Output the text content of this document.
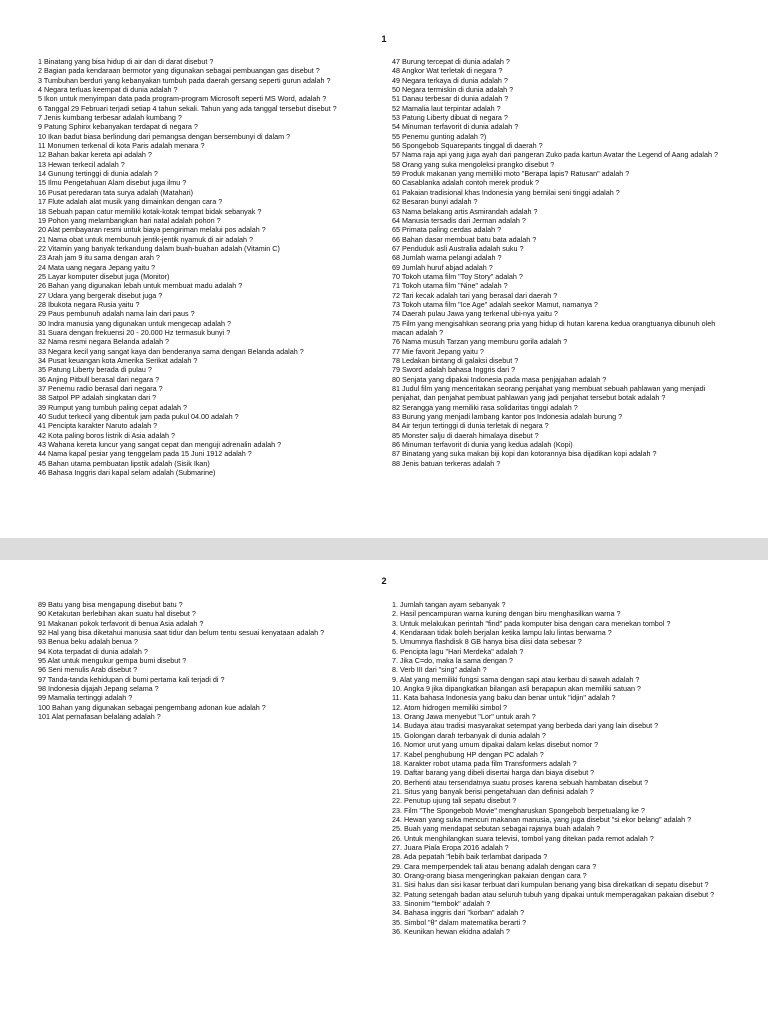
1

1 Binatang yang bisa hidup di air dan di darat disebut ?

2 Bagian pada kendaraan bermotor yang digunakan sebagai pembuangan gas disebut ?

3 Tumbuhan berduri yang kebanyakan tumbuh pada daerah gersang seperti gurun adalah ?

4 Negara terluas keempat di dunia adalah ?

5 Ikon untuk menyimpan data pada program-program Microsoft seperti MS Word, adalah ?

6 Tanggal 29 Februari terjadi setiap 4 tahun sekali. Tahun yang ada tanggal tersebut disebut ?

7 Jenis kumbang terbesar adalah kumbang ?

9 Patung Sphinx kebanyakan terdapat di negara ?

10 Ikan badut biasa berlindung dari pemangsa dengan bersembunyi di dalam ?

11 Monumen terkenal di kota Paris adalah menara ?

12 Bahan bakar kereta api adalah ?

13 Hewan terkecil adalah ?

14 Gunung tertinggi di dunia adalah ?

15 Ilmu Pengetahuan Alam disebut juga ilmu ?

16 Pusat peredaran tata surya adalah (Matahari)

17 Flute adalah alat musik yang dimainkan dengan cara ?

18 Sebuah papan catur memiliki kotak-kotak tempat bidak sebanyak ?

19 Pohon yang melambangkan hari natal adalah pohon ?

20 Alat pembayaran resmi untuk biaya pengiriman melalui pos adalah ?

21 Nama obat untuk membunuh jentik-jentik nyamuk di air adalah ?

22 Vitamin yang banyak terkandung dalam buah-buahan adalah (Vitamin C)

23 Arah jam 9 itu sama dengan arah ?

24 Mata uang negara Jepang yaitu ?

25 Layar komputer disebut juga (Monitor)

26 Bahan yang digunakan lebah untuk membuat madu adalah ?

27 Udara yang bergerak disebut juga ?

28 Ibukota negara Rusia yaitu ?

29 Paus pembunuh adalah nama lain dari paus ?

30 Indra manusia yang digunakan untuk mengecap adalah ?

31 Suara dengan frekuensi 20 - 20.000 Hz termasuk bunyi ?

32 Nama resmi negara Belanda adalah ?

33 Negara kecil yang sangat kaya dan benderanya sama dengan Belanda adalah ?

34 Pusat keuangan kota Amerika Serikat adalah ?

35 Patung Liberty berada di pulau ?

36 Anjing Pitbull berasal dari negara ?

37 Penemu radio berasal dari negara ?

38 Satpol PP adalah singkatan dari ?

39 Rumput yang tumbuh paling cepat adalah ?

40 Sudut terkecil yang dibentuk jam pada pukul 04.00 adalah ?

41 Pencipta karakter Naruto adalah ?

42 Kota paling boros listrik di Asia adalah ?

43 Wahana kereta luncur yang sangat cepat dan menguji adrenalin adalah ?

44 Nama kapal pesiar yang tenggelam pada 15 Juni 1912 adalah ?

45 Bahan utama pembuatan lipstik adalah (Sisik Ikan)

46 Bahasa Inggris dari kapal selam adalah (Submarine)

47 Burung tercepat di dunia adalah ?

48 Angkor Wat terletak di negara ?

49 Negara terkaya di dunia adalah ?

50 Negara termiskin di dunia adalah ?

51 Danau terbesar di dunia adalah ?

52 Mamalia laut terpintar adalah ?

53 Patung Liberty dibuat di negara ?

54 Minuman terfavorit di dunia adalah ?

55 Penemu gunting adalah ?)

56 Spongebob Squarepants tinggal di daerah ?

57 Nama raja api yang juga ayah dari pangeran Zuko pada kartun Avatar the Legend of Aang adalah ?

58 Orang yang suka mengoleksi prangko disebut ?

59 Produk makanan yang memiliki moto "Berapa lapis? Ratusan" adalah ?

60 Casablanka adalah contoh merek produk ?

61 Pakaian tradisional khas Indonesia yang bernilai seni tinggi adalah ?

62 Besaran bunyi adalah ?

63 Nama belakang artis Asmirandah adalah ?

64 Manusia tersadis dari Jerman adalah ?

65 Primata paling cerdas adalah ?

66 Bahan dasar membuat batu bata adalah ?

67 Penduduk asli Australia adalah suku ?

68 Jumlah warna pelangi adalah ?

69 Jumlah huruf abjad adalah ?

70 Tokoh utama film "Toy Story" adalah ?

71 Tokoh utama film "Nine" adalah ?

72 Tari kecak adalah tari yang berasal dari daerah ?

73 Tokoh utama film "Ice Age" adalah seekor Mamut, namanya ?

74 Daerah pulau Jawa yang terkenal ubi-nya yaitu ?

75 Film yang mengisahkan seorang pria yang hidup di hutan karena kedua orangtuanya dibunuh oleh macan adalah ?

76 Nama musuh Tarzan yang memburu gorila adalah ?

77 Mie favorit Jepang yaitu ?

78 Ledakan bintang di galaksi disebut ?

79 Sword adalah bahasa Inggris dari ?

80 Senjata yang dipakai Indonesia pada masa penjajahan adalah ?

81 Judul film yang menceritakan seorang penjahat yang membuat sebuah pahlawan yang menjadi penjahat, dan penjahat pembuat pahlawan yang jadi penjahat tersebut botak adalah ?

82 Serangga yang memiliki rasa solidaritas tinggi adalah ?

83 Burung yang menjadi lambang kantor pos Indonesia adalah burung ?

84 Air terjun tertinggi di dunia terletak di negara ?

85 Monster salju di daerah himalaya disebut ?

86 Minuman terfavorit di dunia yang kedua adalah (Kopi)

87 Binatang yang suka makan biji kopi dan kotorannya bisa dijadikan kopi adalah ?

88 Jenis batuan terkeras adalah ?

2

89 Batu yang bisa mengapung disebut batu ?

90 Ketakutan berlebihan akan suatu hal disebut ?

91 Makanan pokok terfavorit di benua Asia adalah ?

92 Hal yang bisa diketahui manusia saat tidur dan belum tentu sesuai kenyataan adalah ?

93 Benua beku adalah benua ?

94 Kota terpadat di dunia adalah ?

95 Alat untuk mengukur gempa bumi disebut ?

96 Seni menulis Arab disebut ?

97 Tanda-tanda kehidupan di bumi pertama kali terjadi di ?

98 Indonesia dijajah Jepang selama ?

99 Mamalia tertinggi adalah ?

100 Bahan yang digunakan sebagai pengembang adonan kue adalah ?

101 Alat pernafasan belalang adalah ?

1. Jumlah tangan ayam sebanyak ?

2. Hasil pencampuran warna kuning dengan biru menghasilkan warna ?

3. Untuk melakukan perintah "find" pada komputer bisa dengan cara menekan tombol ?

4. Kendaraan tidak boleh berjalan ketika lampu lalu lintas berwarna ?

5. Umumnya flashdisk 8 GB hanya bisa diisi data sebesar ?

6. Pencipta lagu "Hari Merdeka" adalah ?

7. Jika C=do, maka la sama dengan ?

8. Verb III dari "sing" adalah ?

9. Alat yang memiliki fungsi sama dengan sapi atau kerbau di sawah adalah ?

10. Angka 9 jika dipangkatkan bilangan asli berapapun akan memiliki satuan ?

11. Kata bahasa Indonesia yang baku dan benar untuk "idjin" adalah ?

12. Atom hidrogen memiliki simbol ?

13. Orang Jawa menyebut "Lor" untuk arah ?

14. Budaya atau tradisi masyarakat setempat yang berbeda dari yang lain disebut ?

15. Golongan darah terbanyak di dunia adalah ?

16. Nomor urut yang umum dipakai dalam kelas disebut nomor ?

17. Kabel penghubung HP dengan PC adalah ?

18. Karakter robot utama pada film Transformers adalah ?

19. Daftar barang yang dibeli disertai harga dan biaya disebut ?

20. Berhenti atau tersendatnya suatu proses karena sebuah hambatan disebut ?

21. Situs yang banyak berisi pengetahuan dan definisi adalah ?

22. Penutup ujung tali sepatu disebut ?

23. Film "The Spongebob Movie" mengharuskan Spongebob berpetualang ke ?

24. Hewan yang suka mencuri makanan manusia, yang juga disebut "si ekor belang" adalah ?

25. Buah yang mendapat sebutan sebagai rajanya buah adalah ?

26. Untuk menghilangkan suara televisi, tombol yang ditekan pada remot adalah ?

27. Juara Piala Eropa 2016 adalah ?

28. Ada pepatah "lebih baik terlambat daripada ?

29. Cara memperpendek tali atau benang adalah dengan cara ?

30. Orang-orang biasa mengeringkan pakaian dengan cara ?

31. Sisi halus dan sisi kasar terbuat dari kumpulan benang yang bisa direkatkan di sepatu disebut ?

32. Patung setengah badan atau seluruh tubuh yang dipakai untuk memperagakan pakaian disebut ?

33. Sinonim "tembok" adalah ?

34. Bahasa inggris dari "korban" adalah ?

35. Simbol "θ" dalam matematika berarti ?

36. Keunikan hewan ekidna adalah ?
